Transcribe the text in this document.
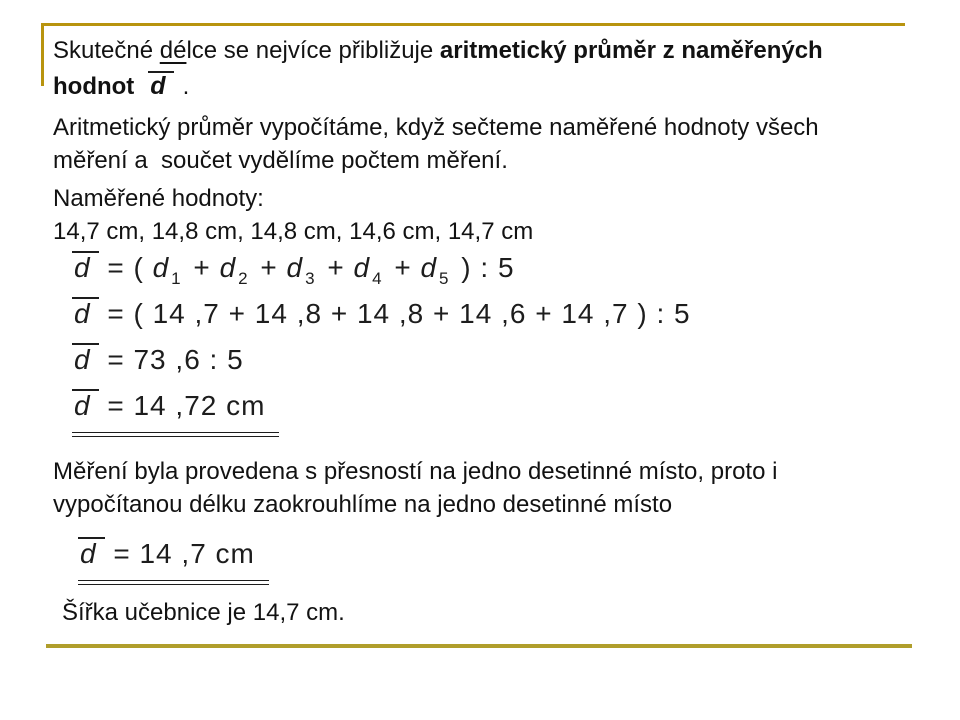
Skutečné délce se nejvíce přibližuje aritmetický průměr z naměřených
hodnot d .
Aritmetický průměr vypočítáme, když sečteme naměřené hodnoty všech
měření a  součet vydělíme počtem měření.
Naměřené hodnoty:
14,7 cm, 14,8 cm, 14,8 cm, 14,6 cm, 14,7 cm
d = ( d $_1$ + d $_2$ + d $_3$ + d $_4$ + d $_5$ ) : 5
d = ( 14 ,7 + 14 ,8 + 14 ,8 + 14 ,6 + 14 ,7 ) : 5
d = 73 ,6 : 5
d = 14 ,72 cm
Měření byla provedena s přesností na jedno desetinné místo, proto i
vypočítanou délku zaokrouhlíme na jedno desetinné místo
d = 14 ,7 cm
Šířka učebnice je 14,7 cm.
